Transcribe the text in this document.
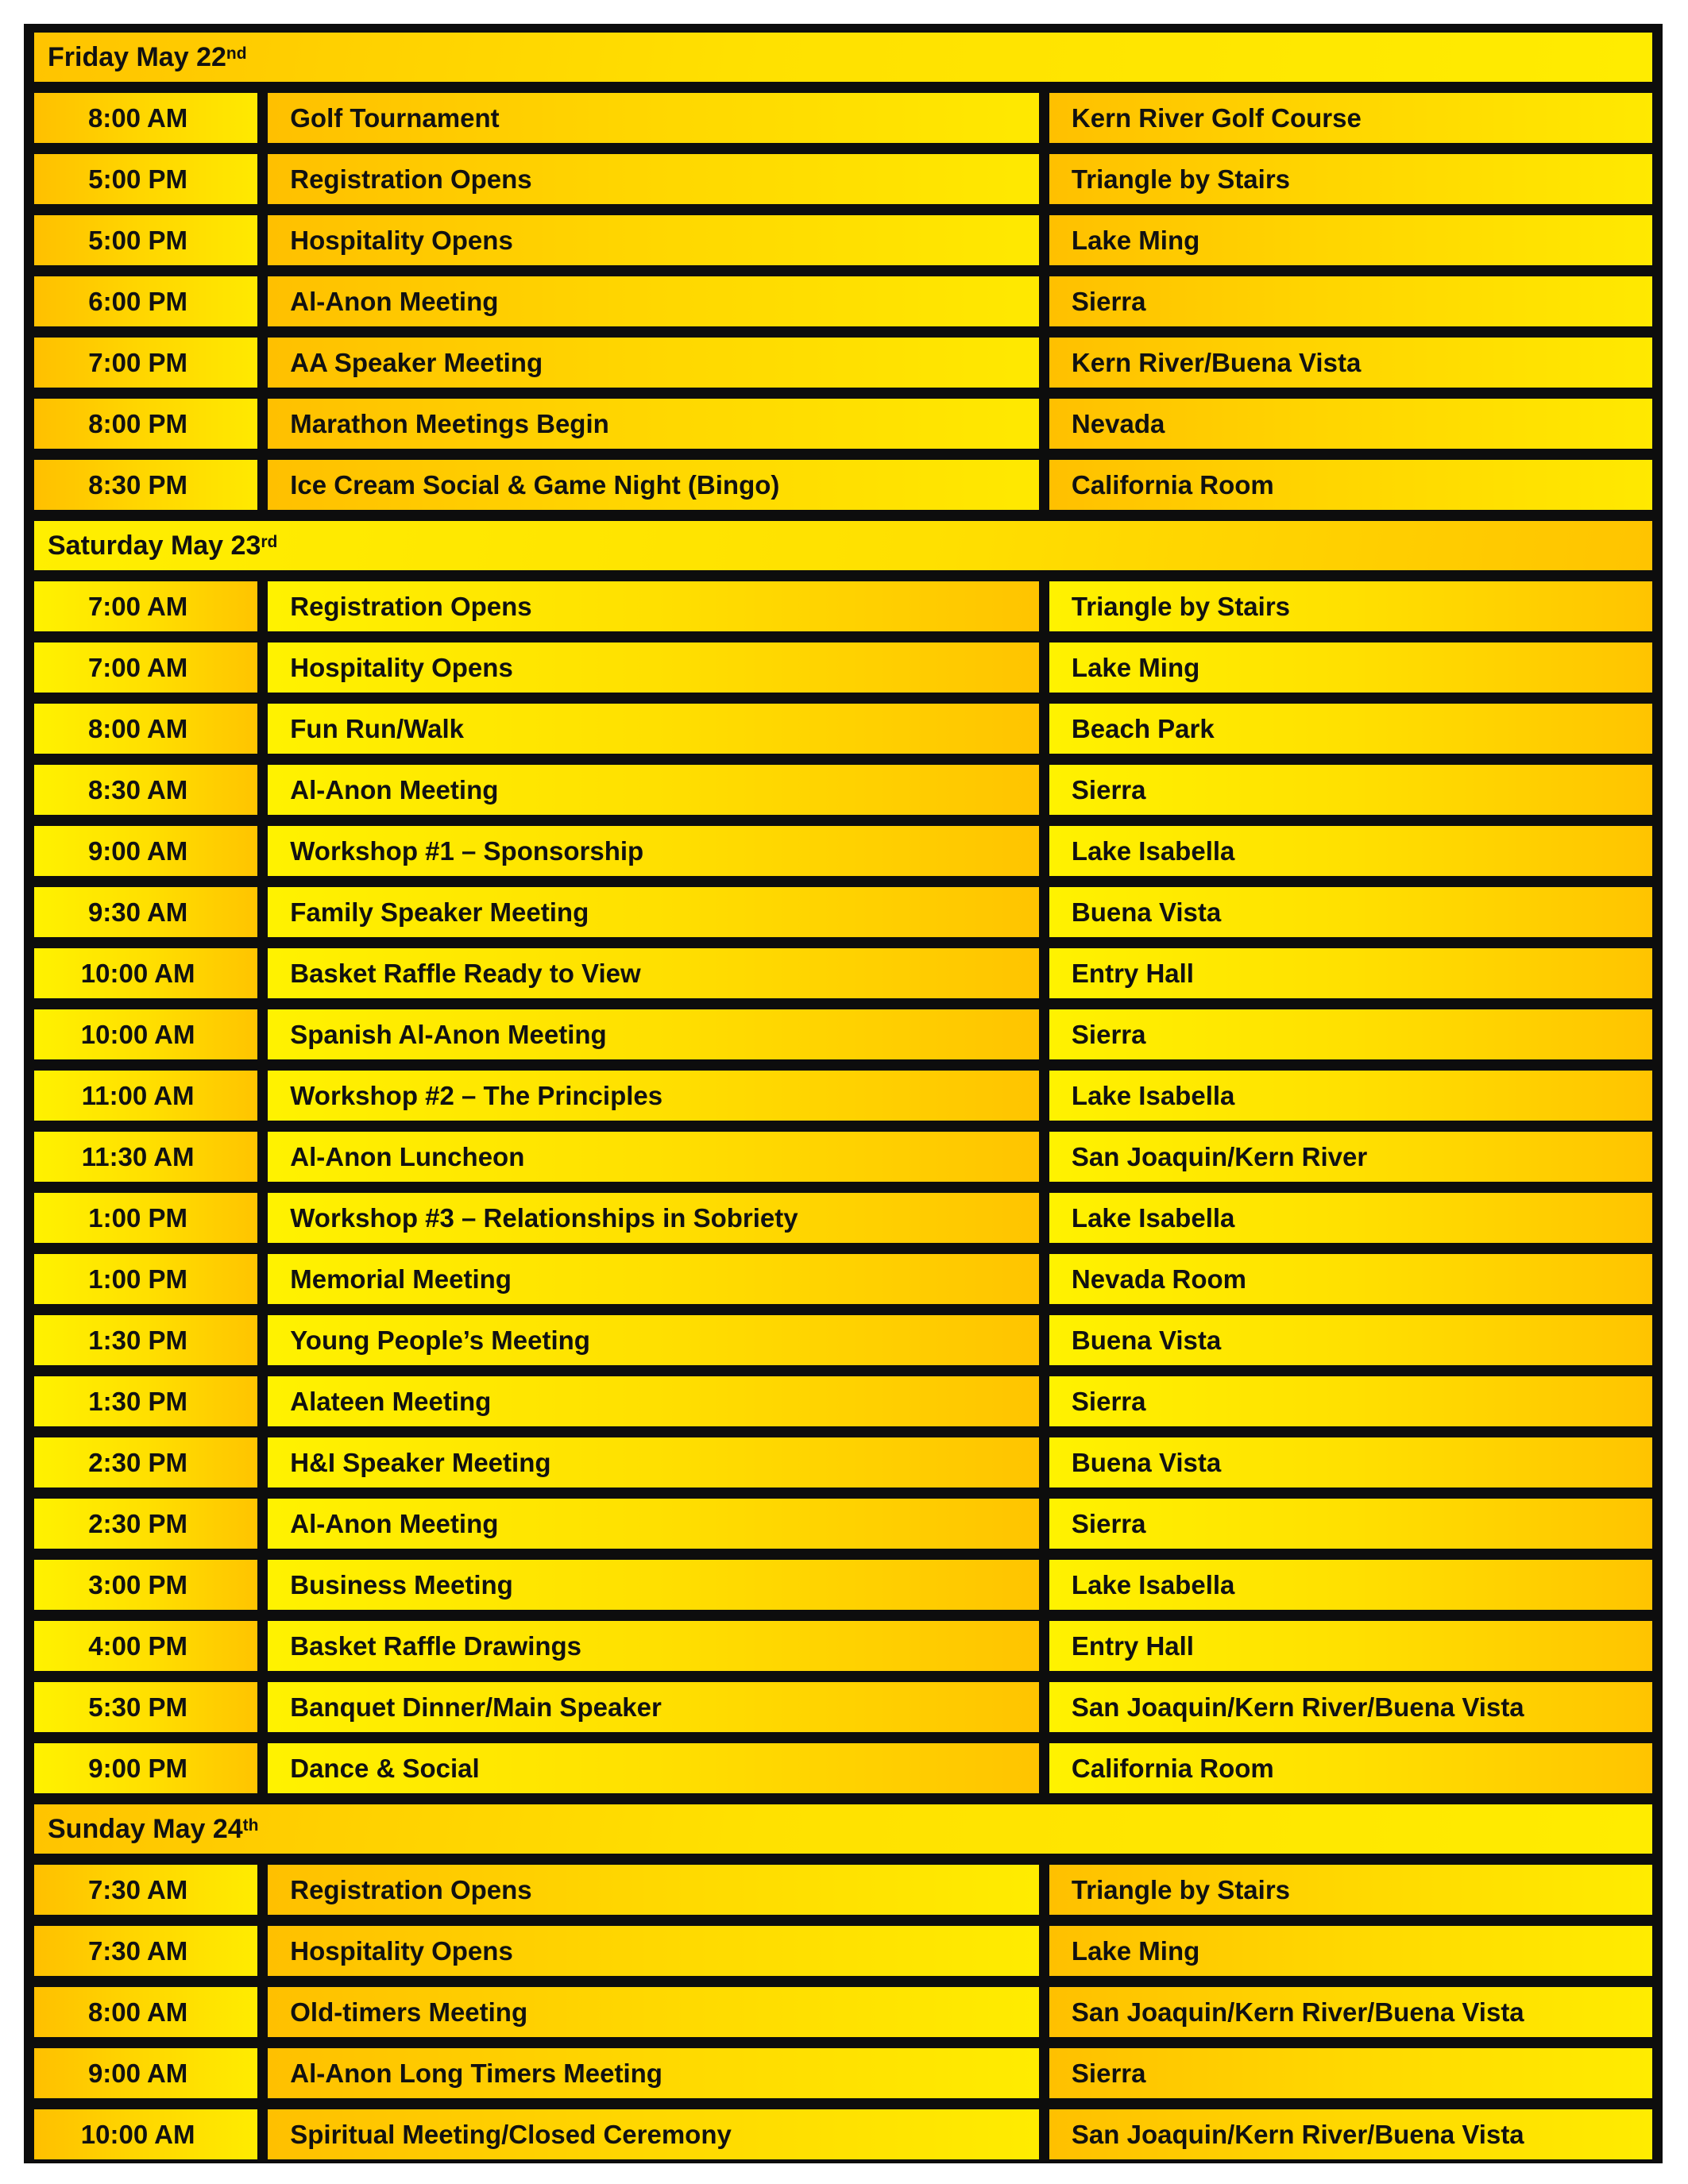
Friday May 22nd
8:00 AM	Golf Tournament	Kern River Golf Course
5:00 PM	Registration Opens	Triangle by Stairs
5:00 PM	Hospitality Opens	Lake Ming
6:00 PM	Al-Anon Meeting	Sierra
7:00 PM	AA Speaker Meeting	Kern River/Buena Vista
8:00 PM	Marathon Meetings Begin	Nevada
8:30 PM	Ice Cream Social & Game Night (Bingo)	California Room
Saturday May 23rd
7:00 AM	Registration Opens	Triangle by Stairs
7:00 AM	Hospitality Opens	Lake Ming
8:00 AM	Fun Run/Walk	Beach Park
8:30 AM	Al-Anon Meeting	Sierra
9:00 AM	Workshop #1 – Sponsorship	Lake Isabella
9:30 AM	Family Speaker Meeting	Buena Vista
10:00 AM	Basket Raffle Ready to View	Entry Hall
10:00 AM	Spanish Al-Anon Meeting	Sierra
11:00 AM	Workshop #2 – The Principles	Lake Isabella
11:30 AM	Al-Anon Luncheon	San Joaquin/Kern River
1:00 PM	Workshop #3 – Relationships in Sobriety	Lake Isabella
1:00 PM	Memorial Meeting	Nevada Room
1:30 PM	Young People’s Meeting	Buena Vista
1:30 PM	Alateen Meeting	Sierra
2:30 PM	H&I Speaker Meeting	Buena Vista
2:30 PM	Al-Anon Meeting	Sierra
3:00 PM	Business Meeting	Lake Isabella
4:00 PM	Basket Raffle Drawings	Entry Hall
5:30 PM	Banquet Dinner/Main Speaker	San Joaquin/Kern River/Buena Vista
9:00 PM	Dance & Social	California Room
Sunday May 24th
7:30 AM	Registration Opens	Triangle by Stairs
7:30 AM	Hospitality Opens	Lake Ming
8:00 AM	Old-timers Meeting	San Joaquin/Kern River/Buena Vista
9:00 AM	Al-Anon Long Timers Meeting	Sierra
10:00 AM	Spiritual Meeting/Closed Ceremony	San Joaquin/Kern River/Buena Vista
